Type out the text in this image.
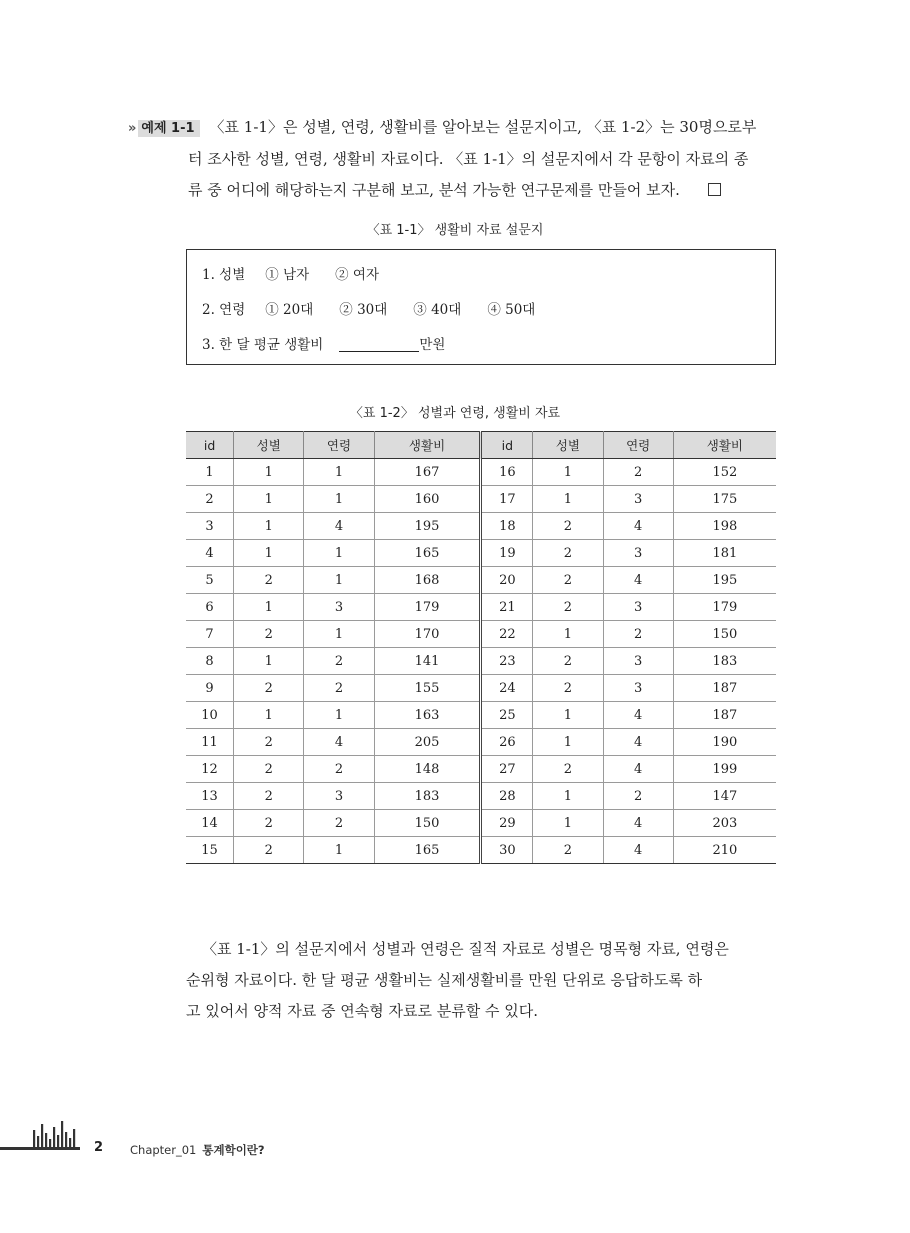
» 예제 1-1 〈표 1-1〉은 성별, 연령, 생활비를 알아보는 설문지이고, 〈표 1-2〉는 30명으로부
터 조사한 성별, 연령, 생활비 자료이다. 〈표 1-1〉의 설문지에서 각 문항이 자료의 종
류 중 어디에 해당하는지 구분해 보고, 분석 가능한 연구문제를 만들어 보자.
〈표 1-1〉 생활비 자료 설문지
1. 성별 ① 남자 ② 여자
2. 연령 ① 20대 ② 30대 ③ 40대 ④ 50대
3. 한 달 평균 생활비	만원
〈표 1-2〉 성별과 연령, 생활비 자료
id	성별	연령	생활비	id	성별	연령	생활비
1	1	1	167	16	1	2	152
2	1	1	160	17	1	3	175
3	1	4	195	18	2	4	198
4	1	1	165	19	2	3	181
5	2	1	168	20	2	4	195
6	1	3	179	21	2	3	179
7	2	1	170	22	1	2	150
8	1	2	141	23	2	3	183
9	2	2	155	24	2	3	187
10	1	1	163	25	1	4	187
11	2	4	205	26	1	4	190
12	2	2	148	27	2	4	199
13	2	3	183	28	1	2	147
14	2	2	150	29	1	4	203
15	2	1	165	30	2	4	210
〈표 1-1〉의 설문지에서 성별과 연령은 질적 자료로 성별은 명목형 자료, 연령은
순위형 자료이다. 한 달 평균 생활비는 실제생활비를 만원 단위로 응답하도록 하
고 있어서 양적 자료 중 연속형 자료로 분류할 수 있다.
2 Chapter_01 통계학이란?
